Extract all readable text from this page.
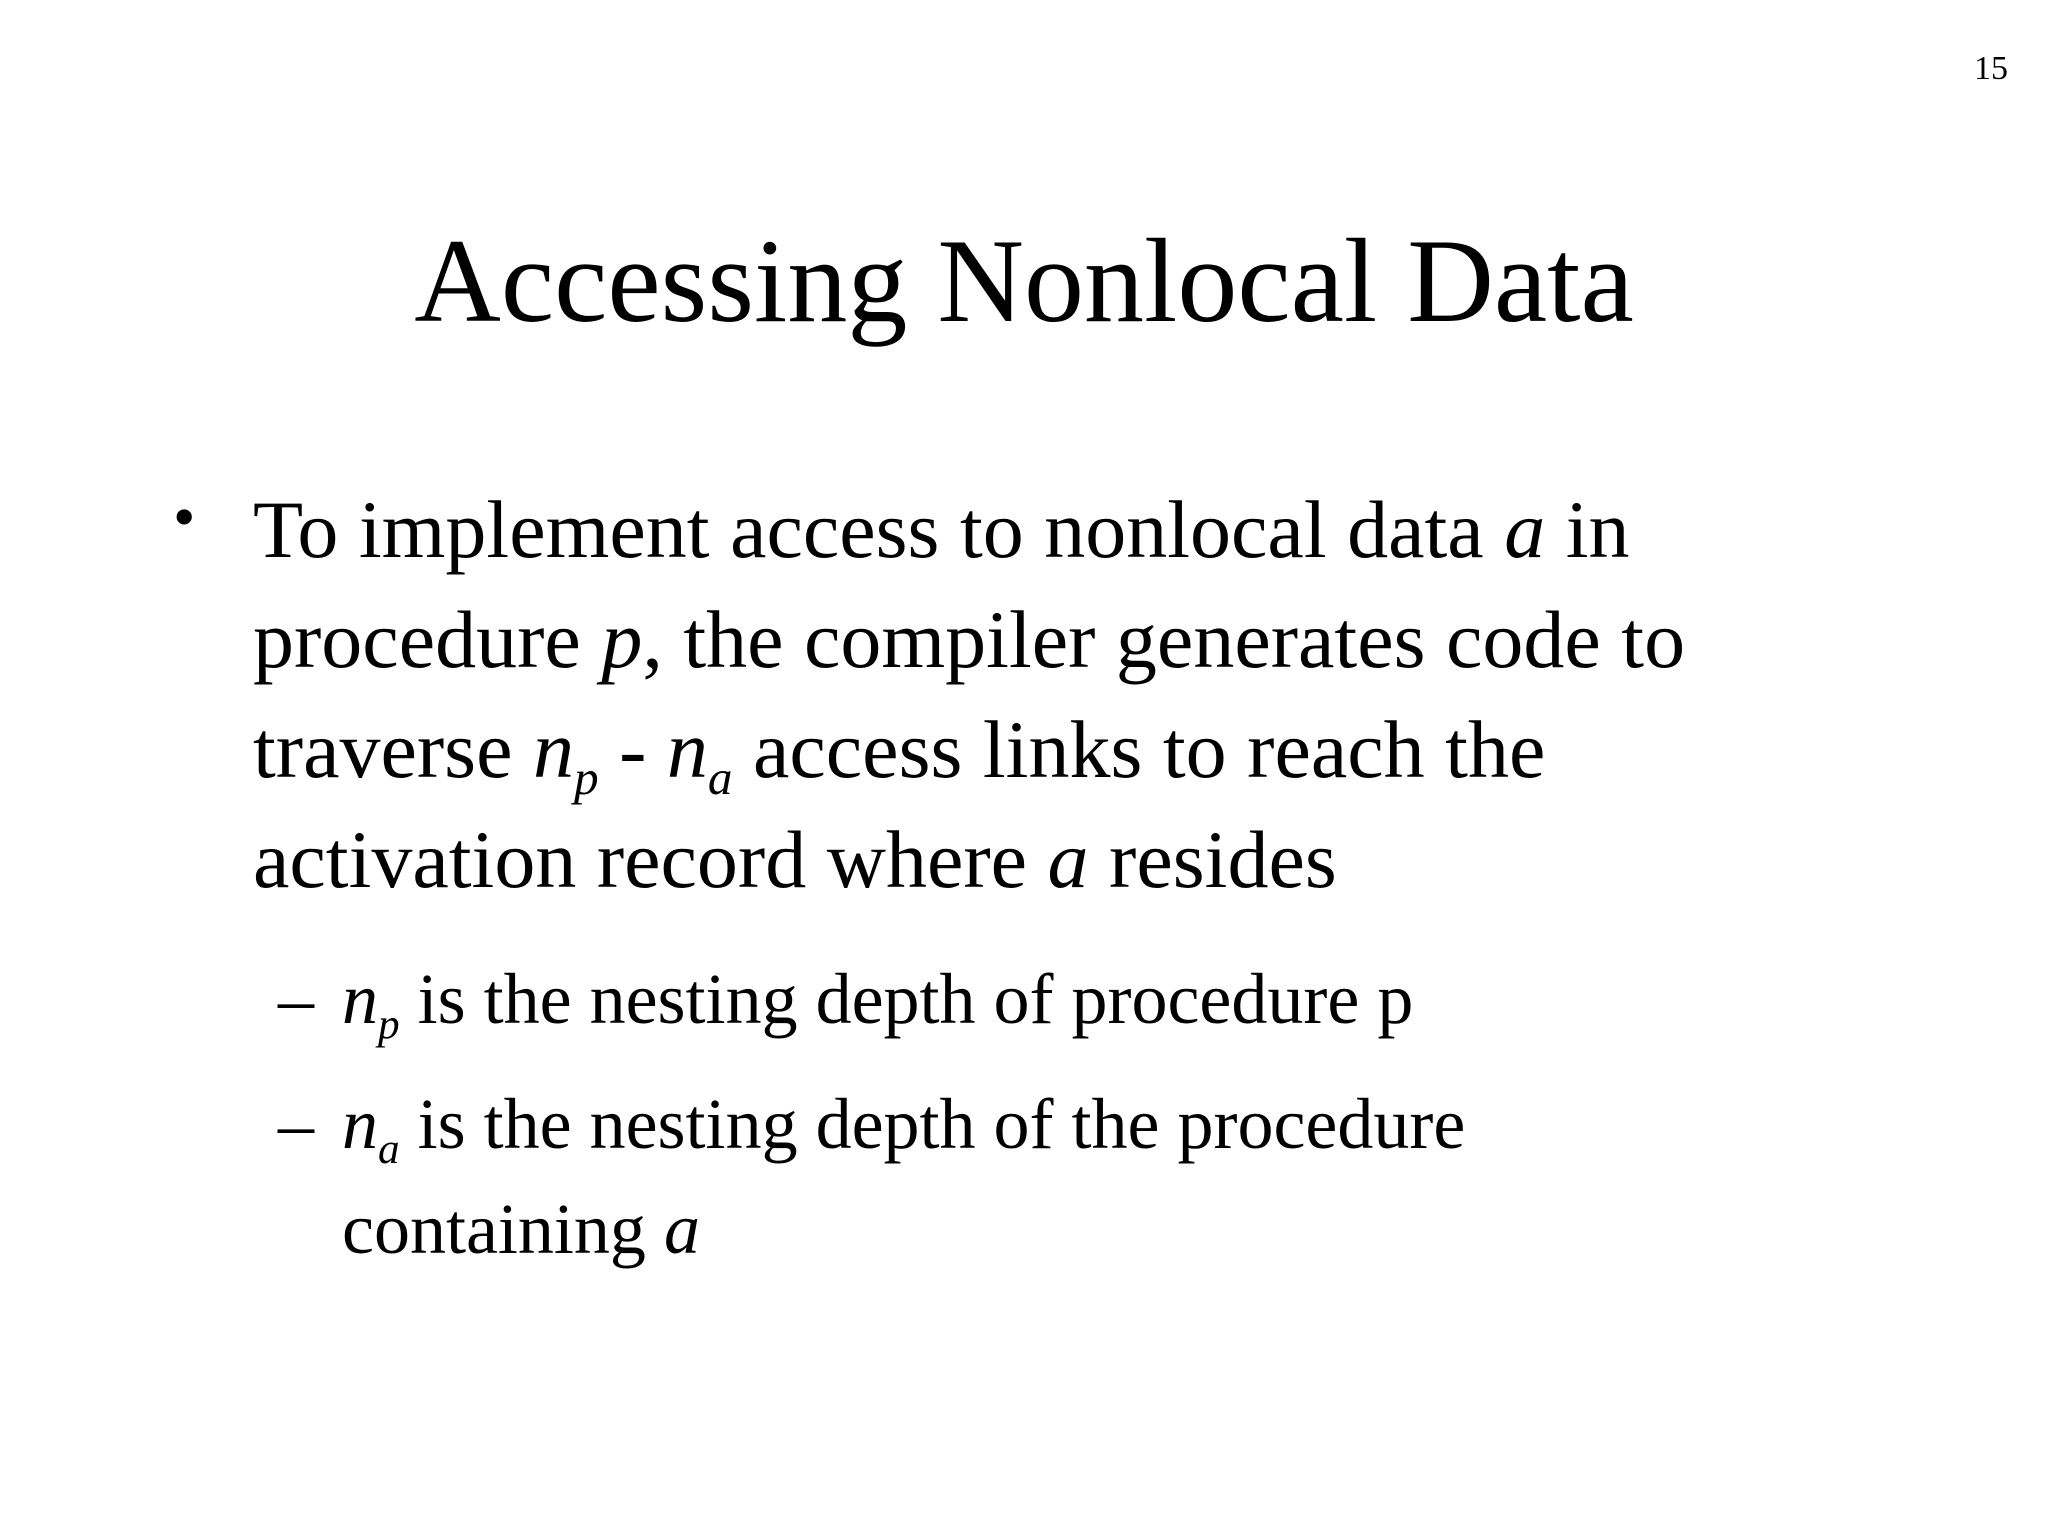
15
Accessing Nonlocal Data
• To implement access to nonlocal data a in
procedure p, the compiler generates code to
traverse $n_p - n_a$ access links to reach the
activation record where a resides
– $n_p$ is the nesting depth of procedure p
– $n_a$ is the nesting depth of the procedure
containing a
